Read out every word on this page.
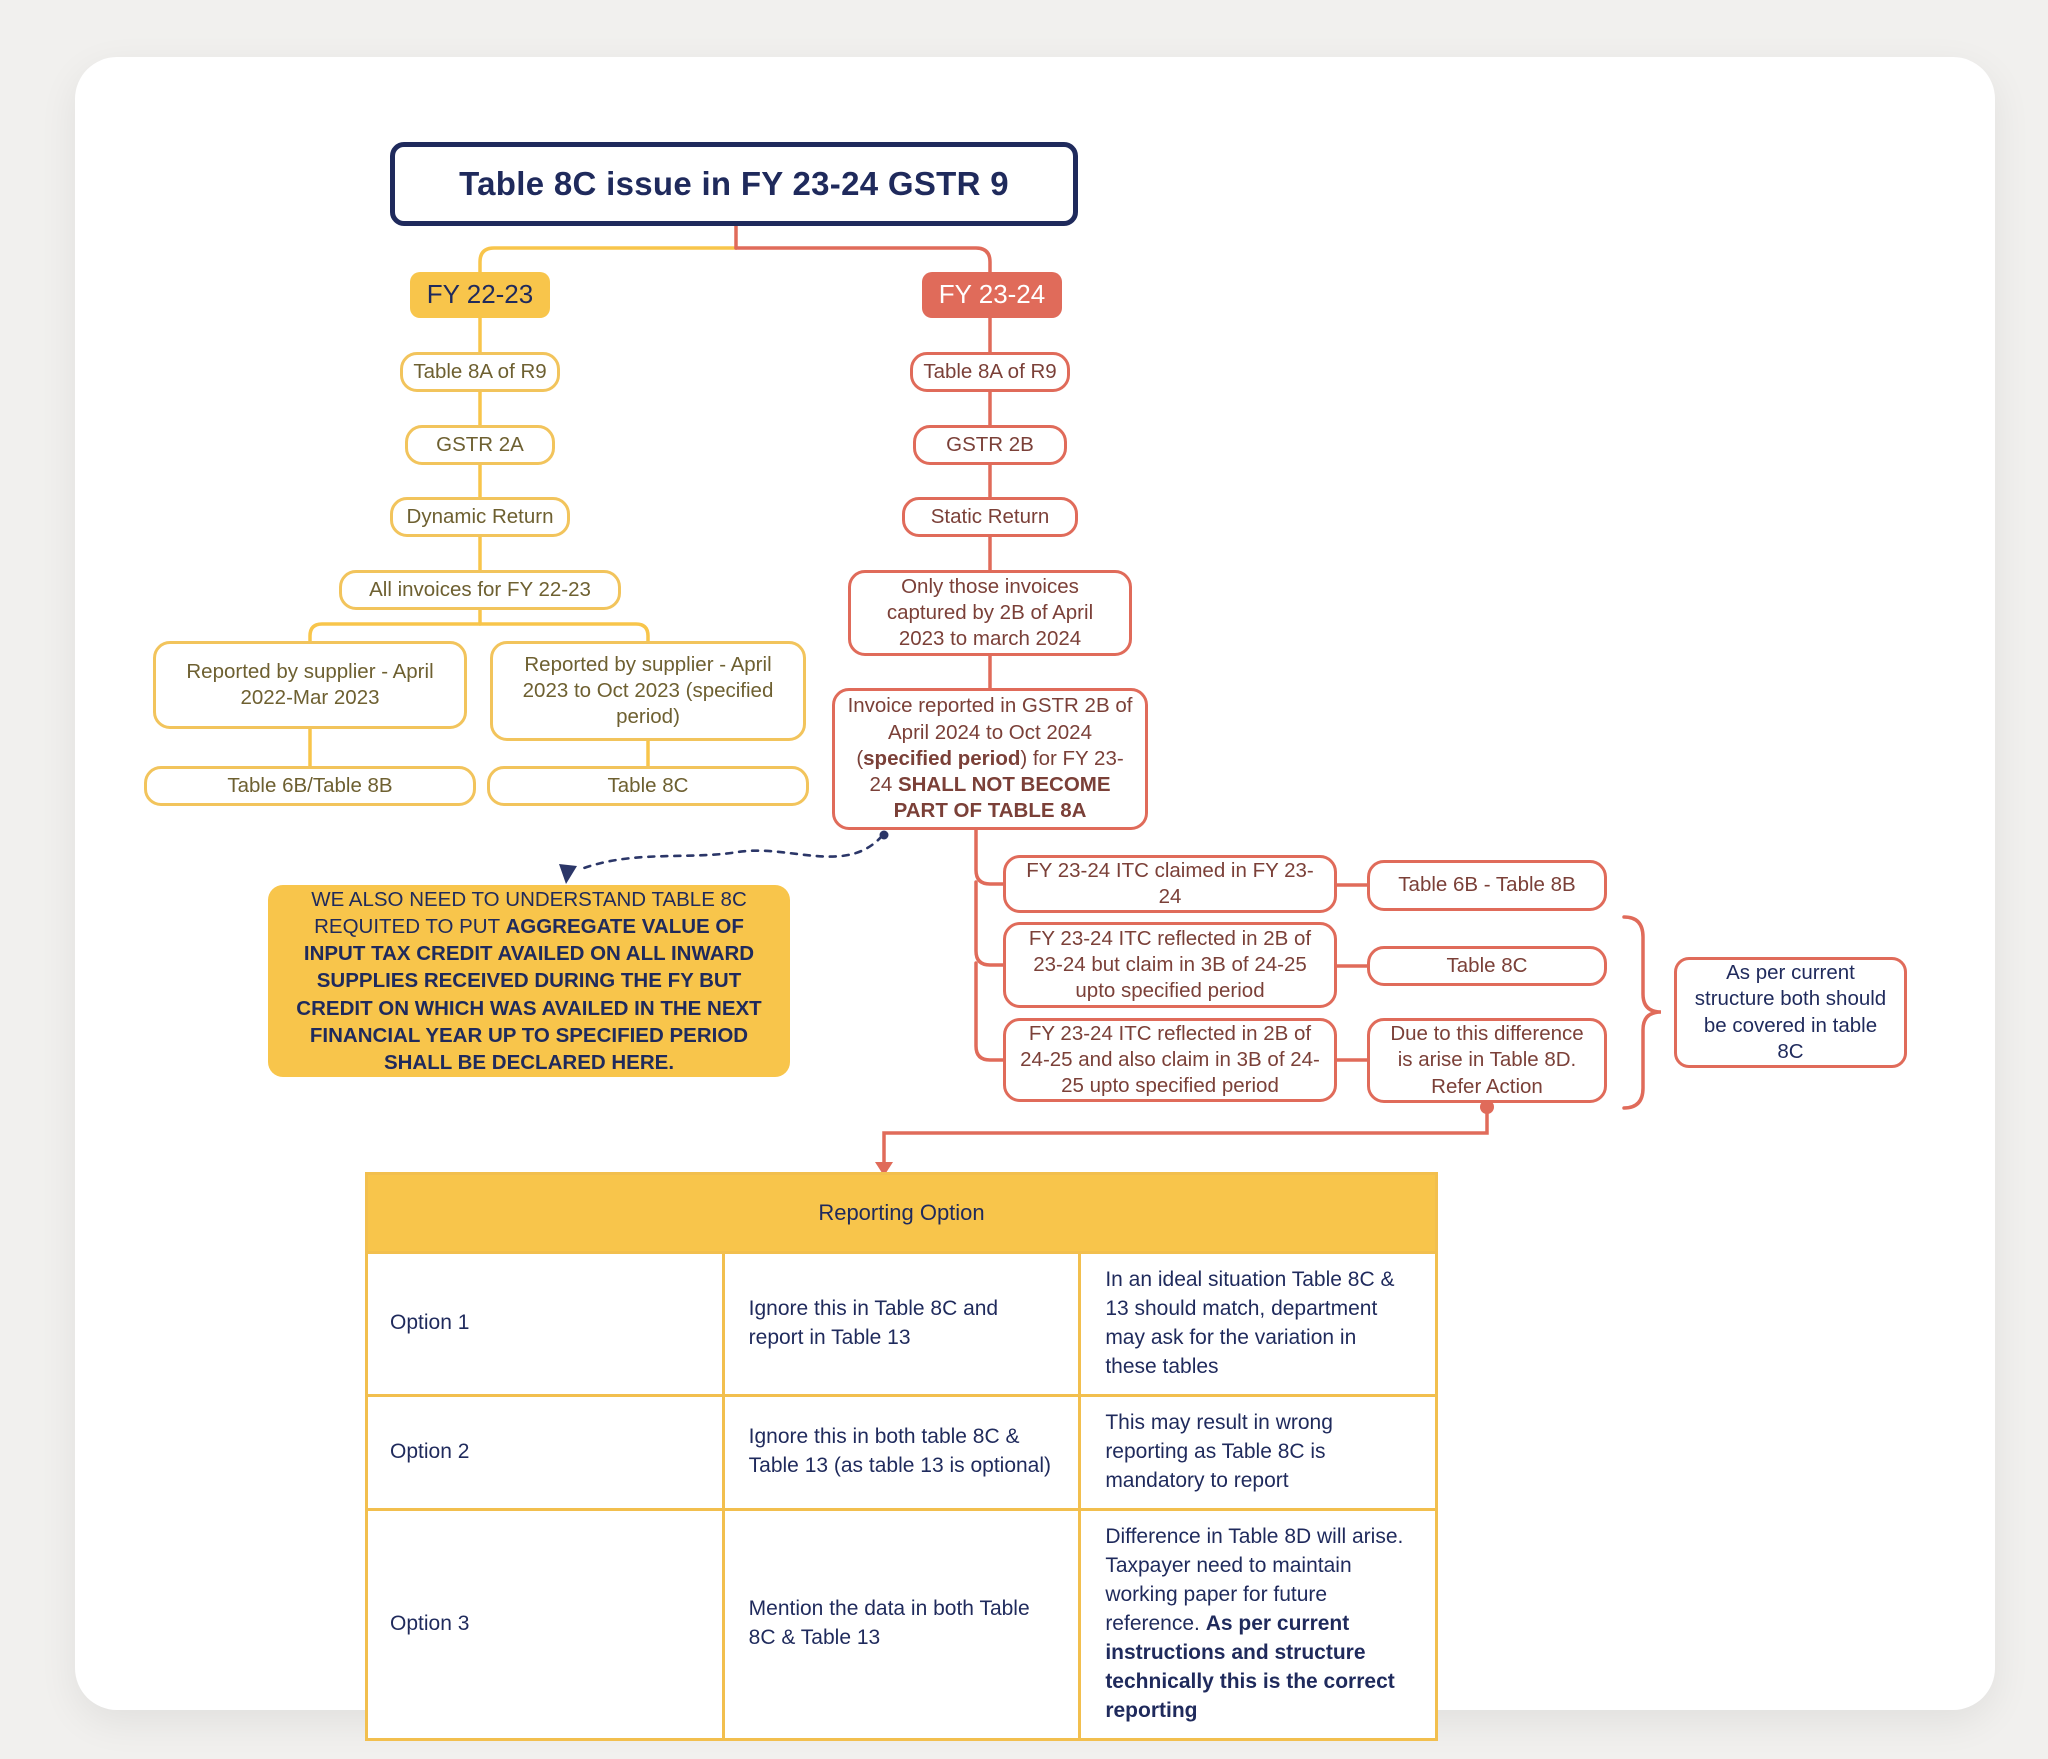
Table 8C issue in FY 23-24 GSTR 9
FY 22-23	FY 23-24
Table 8A of R9
GSTR 2A
Dynamic Return
All invoices for FY 22-23
Reported by supplier - April 2022-Mar 2023
Reported by supplier - April 2023 to Oct 2023 (specified period)
Table 6B/Table 8B	Table 8C
Table 8A of R9
GSTR 2B
Static Return
Only those invoices captured by 2B of April 2023 to march 2024
Invoice reported in GSTR 2B of April 2024 to Oct 2024 (specified period) for FY 23-24 SHALL NOT BECOME PART OF TABLE 8A
FY 23-24 ITC claimed in FY 23-24
FY 23-24 ITC reflected in 2B of 23-24 but claim in 3B of 24-25 upto specified period
FY 23-24 ITC reflected in 2B of 24-25 and also claim in 3B of 24-25 upto specified period
Table 6B - Table 8B
Table 8C
Due to this difference is arise in Table 8D. Refer Action
As per current structure both should be covered in table 8C
WE ALSO NEED TO UNDERSTAND TABLE 8C REQUITED TO PUT AGGREGATE VALUE OF INPUT TAX CREDIT AVAILED ON ALL INWARD SUPPLIES RECEIVED DURING THE FY BUT CREDIT ON WHICH WAS AVAILED IN THE NEXT FINANCIAL YEAR UP TO SPECIFIED PERIOD SHALL BE DECLARED HERE.
Reporting Option		
Option 1	Ignore this in Table 8C and report in Table 13	In an ideal situation Table 8C & 13 should match, department may ask for the variation in these tables
Option 2	Ignore this in both table 8C & Table 13 (as table 13 is optional)	This may result in wrong reporting as Table 8C is mandatory to report
Option 3	Mention the data in both Table 8C & Table 13	Difference in Table 8D will arise. Taxpayer need to maintain working paper for future reference. As per current instructions and structure technically this is the correct reporting
